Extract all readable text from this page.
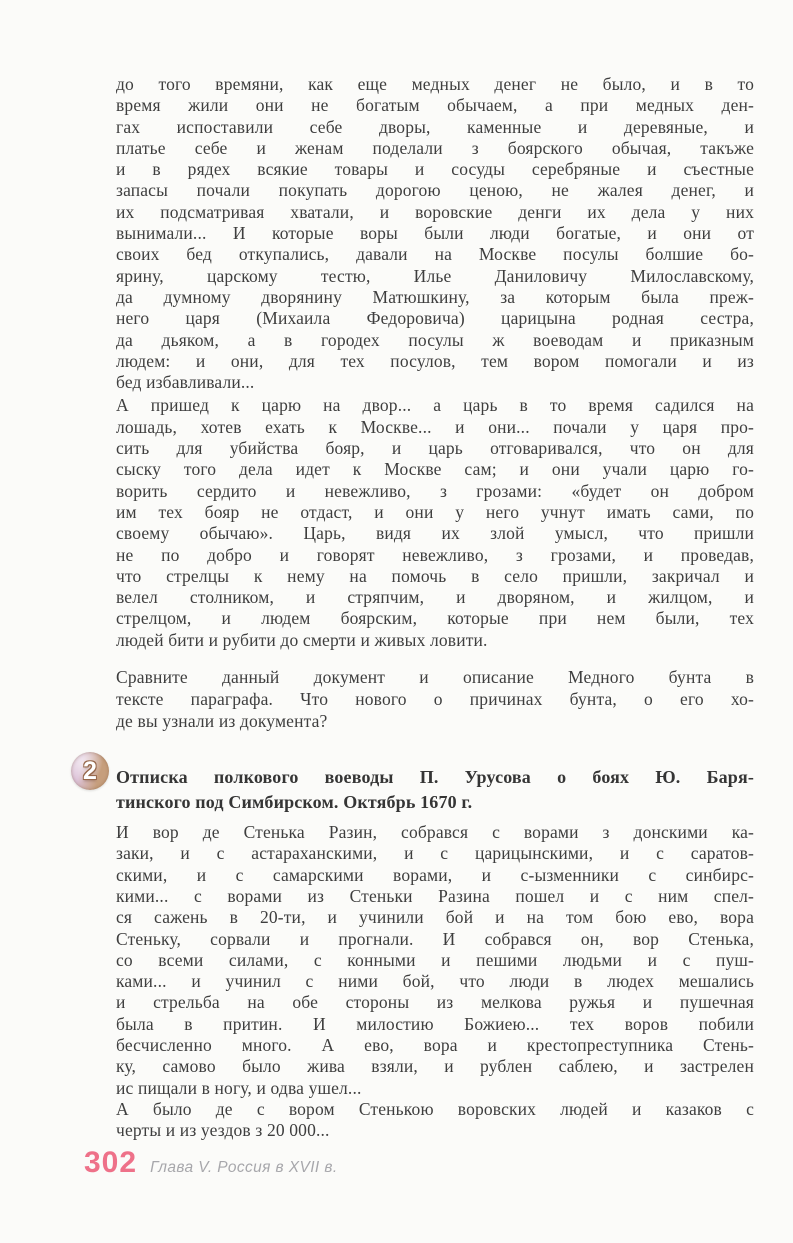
до того времяни, как еще медных денег не было, и в то
время жили они не богатым обычаем, а при медных ден-
гах испоставили себе дворы, каменные и деревяные, и
платье себе и женам поделали з боярского обычая, такъже
и в рядех всякие товары и сосуды серебряные и съестные
запасы почали покупать дорогою ценою, не жалея денег, и
их подсматривая хватали, и воровские денги их дела у них
вынимали... И которые воры были люди богатые, и они от
своих бед откупались, давали на Москве посулы болшие бо-
ярину, царскому тестю, Илье Даниловичу Милославскому,
да думному дворянину Матюшкину, за которым была преж-
него царя (Михаила Федоровича) царицына родная сестра,
да дьяком, а в городех посулы ж воеводам и приказным
людем: и они, для тех посулов, тем вором помогали и из
бед избавливали...
А пришед к царю на двор... а царь в то время садился на
лошадь, хотев ехать к Москве... и они... почали у царя про-
сить для убийства бояр, и царь отговаривался, что он для
сыску того дела идет к Москве сам; и они учали царю го-
ворить сердито и невежливо, з грозами: «будет он добром
им тех бояр не отдаст, и они у него учнут имать сами, по
своему обычаю». Царь, видя их злой умысл, что пришли
не по добро и говорят невежливо, з грозами, и проведав,
что стрелцы к нему на помочь в село пришли, закричал и
велел столником, и стряпчим, и дворяном, и жилцом, и
стрелцом, и людем боярским, которые при нем были, тех
людей бити и рубити до смерти и живых ловити.
Сравните данный документ и описание Медного бунта в
тексте параграфа. Что нового о причинах бунта, о его хо-
де вы узнали из документа?
Отписка полкового воеводы П. Урусова о боях Ю. Баря-
тинского под Симбирском. Октябрь 1670 г.
И вор де Стенька Разин, собрався с ворами з донскими ка-
заки, и с астараханскими, и с царицынскими, и с саратов-
скими, и с самарскими ворами, и с-ызменники с синбирс-
кими... с ворами из Стеньки Разина пошел и с ним спел-
ся сажень в 20-ти, и учинили бой и на том бою ево, вора
Стеньку, сорвали и прогнали. И собрався он, вор Стенька,
со всеми силами, с конными и пешими людьми и с пуш-
ками... и учинил с ними бой, что люди в людех мешались
и стрельба на обе стороны из мелкова ружья и пушечная
была в притин. И милостию Божиею... тех воров побили
бесчисленно много. А ево, вора и крестопреступника Стень-
ку, самово было жива взяли, и рублен саблею, и застрелен
ис пищали в ногу, и одва ушел...
А было де с вором Стенькою воровских людей и казаков с
черты и из уездов з 20 000...
2
302 Глава V. Россия в XVII в.
